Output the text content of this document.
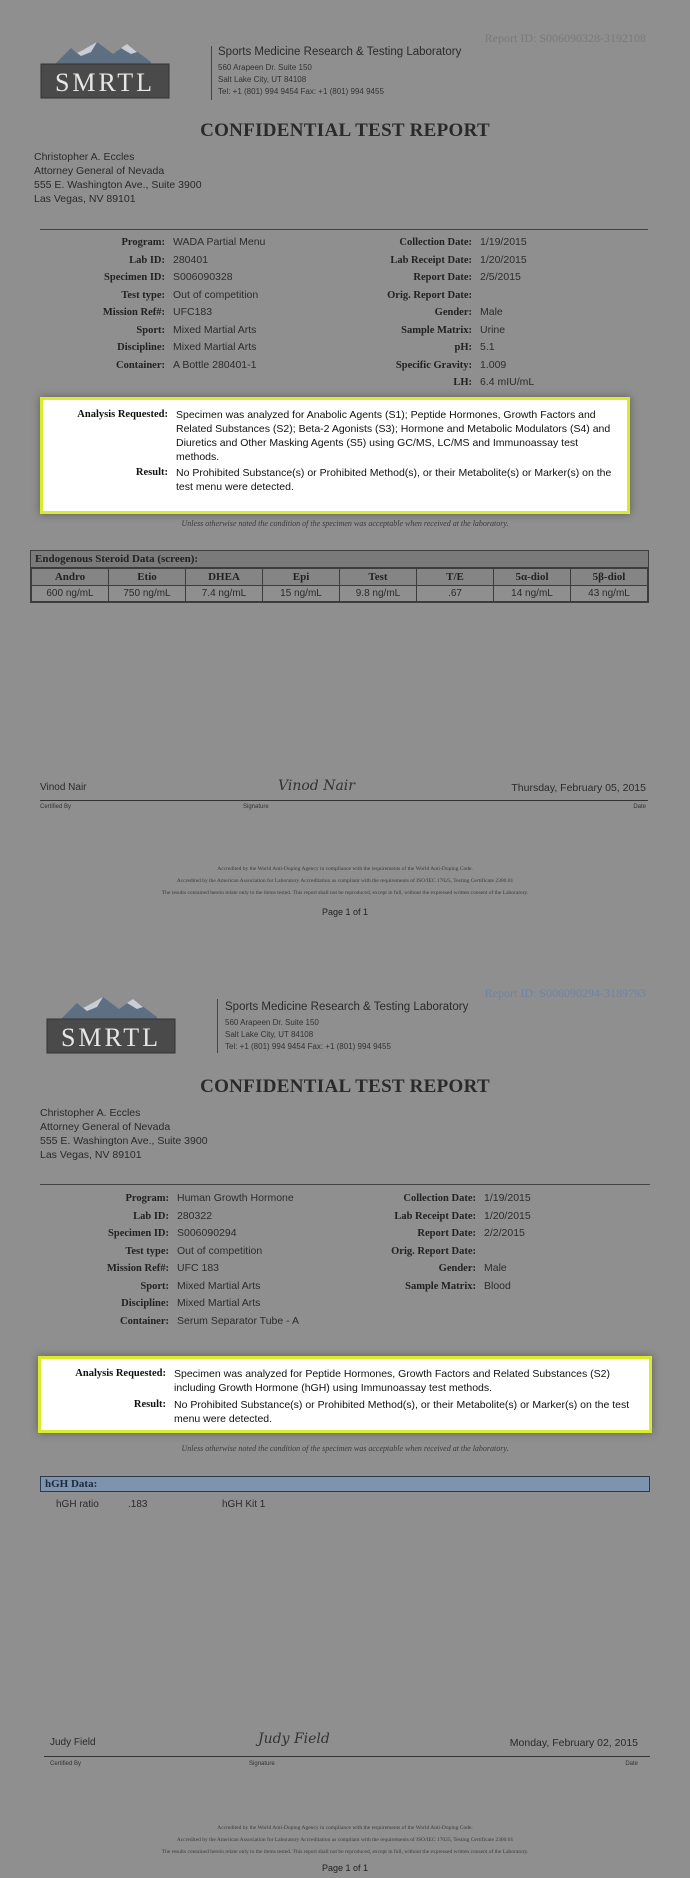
Report ID: S006090328-3192108
SMRTL
Sports Medicine Research & Testing Laboratory
560 Arapeen Dr. Suite 150
Salt Lake City, UT 84108
Tel: +1 (801) 994 9454 Fax: +1 (801) 994 9455
CONFIDENTIAL TEST REPORT
Christopher A. Eccles
Attorney General of Nevada
555 E. Washington Ave., Suite 3900
Las Vegas, NV 89101
Program: WADA Partial Menu
Lab ID: 280401
Specimen ID: S006090328
Test type: Out of competition
Mission Ref#: UFC183
Sport: Mixed Martial Arts
Discipline: Mixed Martial Arts
Container: A Bottle 280401-1
Collection Date: 1/19/2015
Lab Receipt Date: 1/20/2015
Report Date: 2/5/2015
Orig. Report Date:
Gender: Male
Sample Matrix: Urine
pH: 5.1
Specific Gravity: 1.009
LH: 6.4 mIU/mL
Analysis Requested: Specimen was analyzed for Anabolic Agents (S1); Peptide Hormones, Growth Factors and Related Substances (S2); Beta-2 Agonists (S3); Hormone and Metabolic Modulators (S4) and Diuretics and Other Masking Agents (S5) using GC/MS, LC/MS and Immunoassay test methods.
Result: No Prohibited Substance(s) or Prohibited Method(s), or their Metabolite(s) or Marker(s) on the test menu were detected.
Unless otherwise noted the condition of the specimen was acceptable when received at the laboratory.
Endogenous Steroid Data (screen):
Andro	Etio	DHEA	Epi	Test	T/E	5α-diol	5β-diol
600 ng/mL	750 ng/mL	7.4 ng/mL	15 ng/mL	9.8 ng/mL	.67	14 ng/mL	43 ng/mL
Vinod Nair	Vinod Nair	Thursday, February 05, 2015
Certified By	Signature	Date
Accredited by the World Anti-Doping Agency in compliance with the requirements of the World Anti-Doping Code.
Accredited by the American Association for Laboratory Accreditation as compliant with the requirements of ISO/IEC 17025, Testing Certificate 2300.01
The results contained herein relate only to the items tested. This report shall not be reproduced, except in full, without the expressed written consent of the Laboratory.
Page 1 of 1
Report ID: S006090294-3189793
SMRTL
Sports Medicine Research & Testing Laboratory
560 Arapeen Dr. Suite 150
Salt Lake City, UT 84108
Tel: +1 (801) 994 9454 Fax: +1 (801) 994 9455
CONFIDENTIAL TEST REPORT
Christopher A. Eccles
Attorney General of Nevada
555 E. Washington Ave., Suite 3900
Las Vegas, NV 89101
Program: Human Growth Hormone
Lab ID: 280322
Specimen ID: S006090294
Test type: Out of competition
Mission Ref#: UFC 183
Sport: Mixed Martial Arts
Discipline: Mixed Martial Arts
Container: Serum Separator Tube - A
Collection Date: 1/19/2015
Lab Receipt Date: 1/20/2015
Report Date: 2/2/2015
Orig. Report Date:
Gender: Male
Sample Matrix: Blood
Analysis Requested: Specimen was analyzed for Peptide Hormones, Growth Factors and Related Substances (S2) including Growth Hormone (hGH) using Immunoassay test methods.
Result: No Prohibited Substance(s) or Prohibited Method(s), or their Metabolite(s) or Marker(s) on the test menu were detected.
Unless otherwise noted the condition of the specimen was acceptable when received at the laboratory.
hGH Data:
hGH ratio	.183	hGH Kit 1
Judy Field	Judy Field	Monday, February 02, 2015
Certified By	Signature	Date
Accredited by the World Anti-Doping Agency in compliance with the requirements of the World Anti-Doping Code.
Accredited by the American Association for Laboratory Accreditation as compliant with the requirements of ISO/IEC 17025, Testing Certificate 2300.01
The results contained herein relate only to the items tested. This report shall not be reproduced, except in full, without the expressed written consent of the Laboratory.
Page 1 of 1
